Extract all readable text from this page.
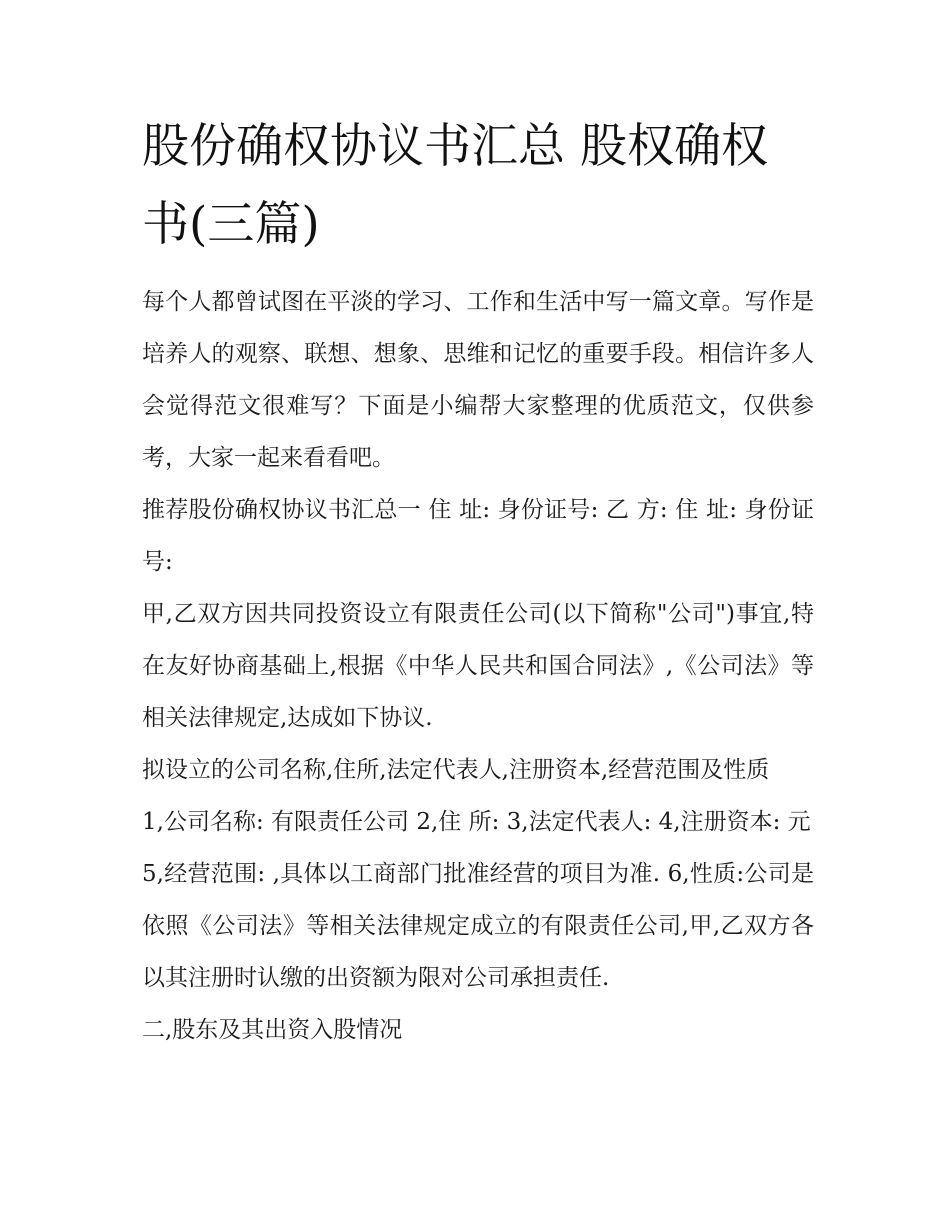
股份确权协议书汇总 股权确权书(三篇)

每个人都曾试图在平淡的学习、工作和生活中写一篇文章。写作是培养人的观察、联想、想象、思维和记忆的重要手段。相信许多人会觉得范文很难写？下面是小编帮大家整理的优质范文，仅供参考，大家一起来看看吧。

推荐股份确权协议书汇总一 住 址: 身份证号: 乙 方: 住 址: 身份证号:

甲,乙双方因共同投资设立有限责任公司(以下简称"公司")事宜,特在友好协商基础上,根据《中华人民共和国合同法》,《公司法》等相关法律规定,达成如下协议.

拟设立的公司名称,住所,法定代表人,注册资本,经营范围及性质

1,公司名称: 有限责任公司 2,住 所: 3,法定代表人: 4,注册资本: 元

5,经营范围: ,具体以工商部门批准经营的项目为准. 6,性质:公司是依照《公司法》等相关法律规定成立的有限责任公司,甲,乙双方各以其注册时认缴的出资额为限对公司承担责任.

二,股东及其出资入股情况
